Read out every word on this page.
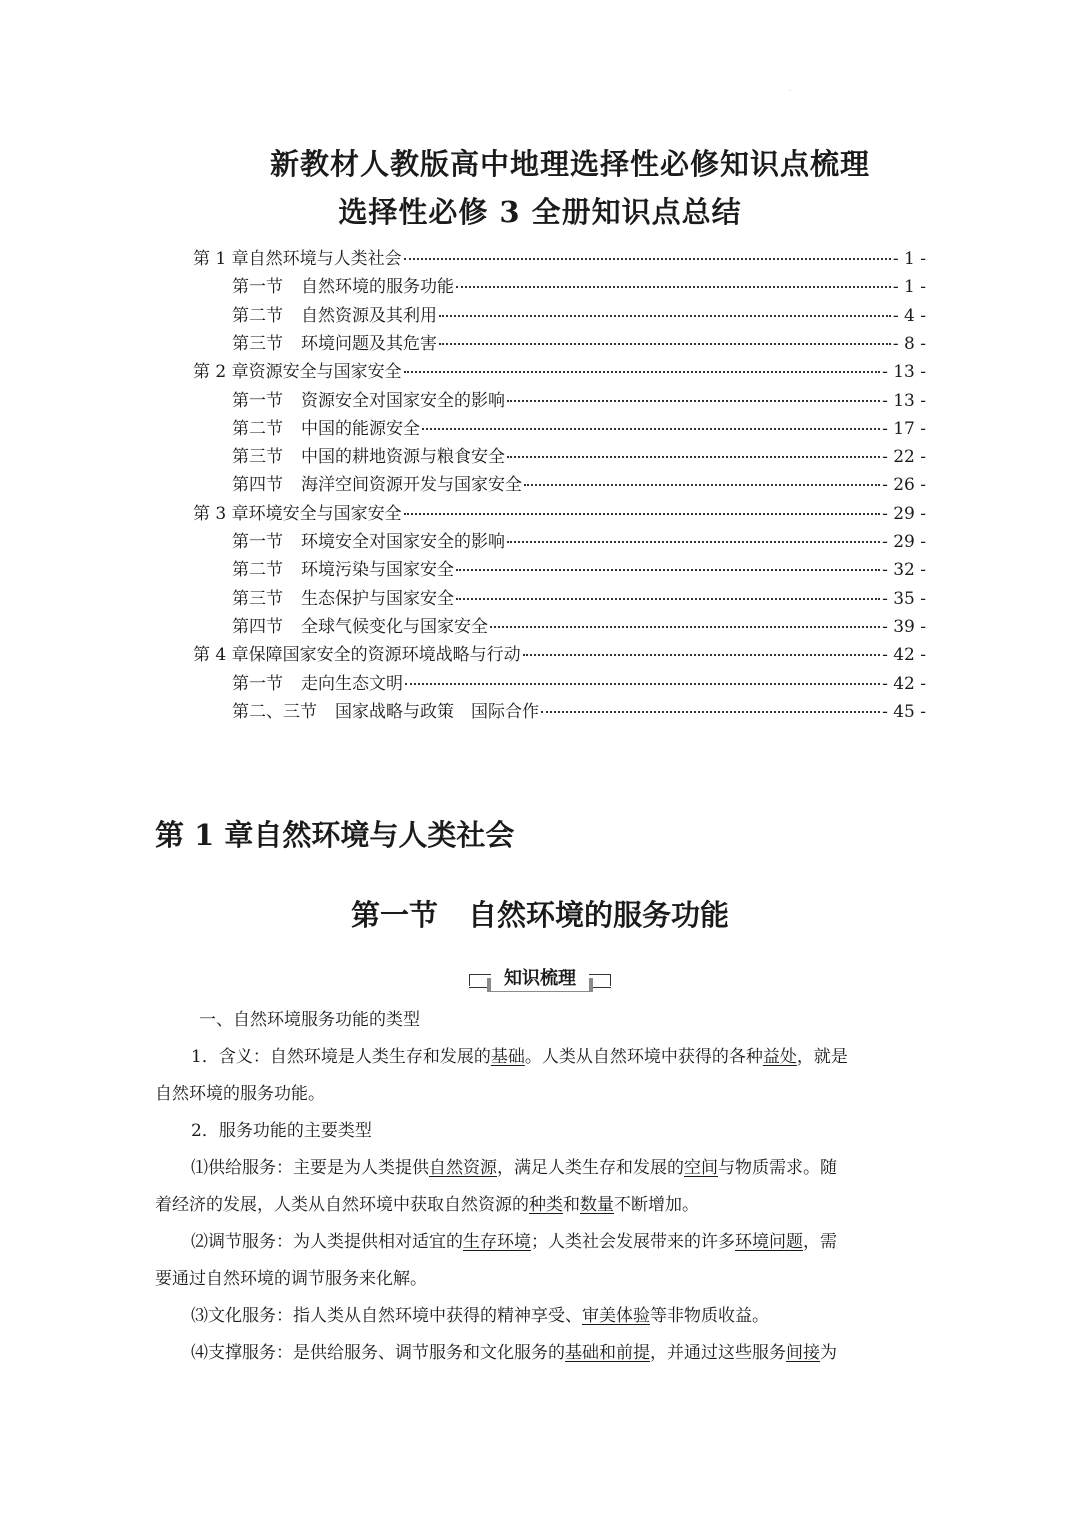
·
新教材人教版高中地理选择性必修知识点梳理
选择性必修 3 全册知识点总结
第 1 章自然环境与人类社会	- 1 -
第一节 自然环境的服务功能	- 1 -
第二节 自然资源及其利用	- 4 -
第三节 环境问题及其危害	- 8 -
第 2 章资源安全与国家安全	- 13 -
第一节 资源安全对国家安全的影响	- 13 -
第二节 中国的能源安全	- 17 -
第三节 中国的耕地资源与粮食安全	- 22 -
第四节 海洋空间资源开发与国家安全	- 26 -
第 3 章环境安全与国家安全	- 29 -
第一节 环境安全对国家安全的影响	- 29 -
第二节 环境污染与国家安全	- 32 -
第三节 生态保护与国家安全	- 35 -
第四节 全球气候变化与国家安全	- 39 -
第 4 章保障国家安全的资源环境战略与行动	- 42 -
第一节 走向生态文明	- 42 -
第二、三节 国家战略与政策　国际合作	- 45 -
第 1 章自然环境与人类社会
第一节 自然环境的服务功能
知识梳理
一、自然环境服务功能的类型
1．含义：自然环境是人类生存和发展的基础。人类从自然环境中获得的各种益处，就是
自然环境的服务功能。
2．服务功能的主要类型
⑴供给服务：主要是为人类提供自然资源，满足人类生存和发展的空间与物质需求。随
着经济的发展，人类从自然环境中获取自然资源的种类和数量不断增加。
⑵调节服务：为人类提供相对适宜的生存环境；人类社会发展带来的许多环境问题，需
要通过自然环境的调节服务来化解。
⑶文化服务：指人类从自然环境中获得的精神享受、审美体验等非物质收益。
⑷支撑服务：是供给服务、调节服务和文化服务的基础和前提，并通过这些服务间接为
